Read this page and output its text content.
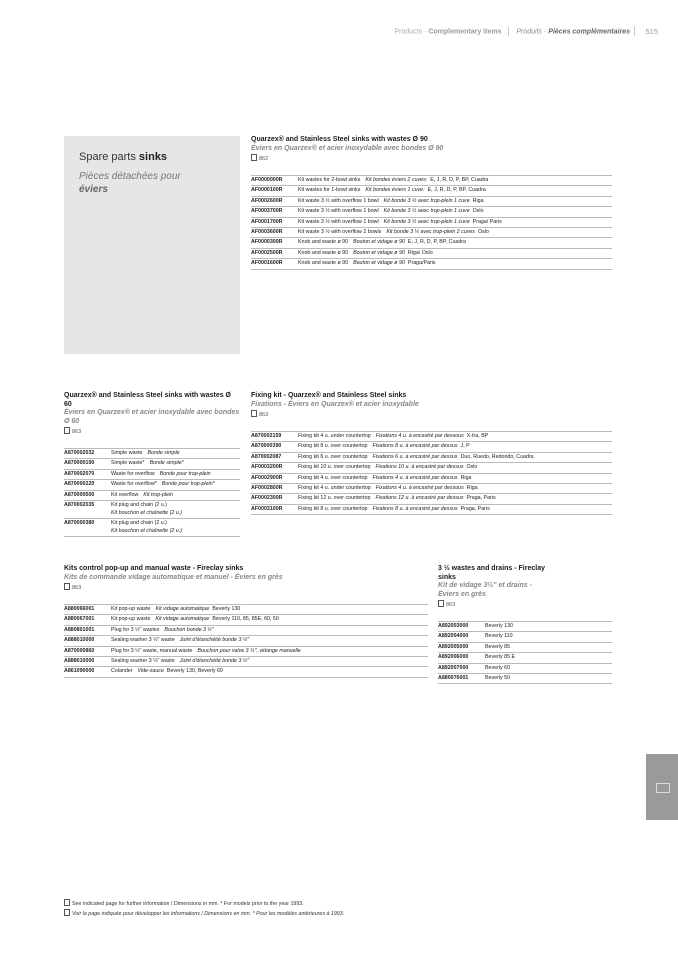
Products · Complementary items Produits · Pièces complémentaires 515
Spare parts sinks
Pièces détachées pour
éviers
Quarzex® and Stainless Steel sinks with wastes Ø 90
Éviers en Quarzex® et acier inoxydable avec bondes Ø 90
862
AF0000000R	Kit wastes for 2-bowl sinks Kit bondes éviers 2 cuves: E, J, R, D, P, BP, Cuadra
AF0000100R	Kit wastes for 1-bowl sinks Kit bondes éviers 1 cuve: E, J, R, D, P, BP, Cuadra
AF0002600R	Kit waste 3 ½ with overflow 1 bowl Kit bonde 3 ½ avec trop-plein 1 cuve Riga
AF0003700R	Kit waste 3 ½ with overflow 1 bowl Kit bonde 3 ½ avec trop-plein 1 cuve Oslo
AF0001700R	Kit waste 3 ½ with overflow 1 bowl Kit bonde 3 ½ avec trop-plein 1 cuve Praga/ Paris
AF0003600R	Kit waste 3 ½ with overflow 2 bowls Kit bonde 3 ½ avec trop-plein 2 cuves Oslo
AF0000300R	Knob and waste ø 90 Bouton et vidage ø 90 E, J, R, D, P, BP, Cuadra
AF0002500R	Knob and waste ø 90 Bouton et vidage ø 90 Riga/ Oslo
AF0001600R	Knob and waste ø 90 Bouton et vidage ø 90 Praga/Paris
Quarzex® and Stainless Steel sinks with wastes Ø 60
Éviers en Quarzex® et acier inoxydable avec bondes Ø 60
863
A870002032	Simple waste Bonde simple
A870000190	Simple waste* Bonde simple*
A870002070	Waste for overflow Bonde pour trop-plein
A870000220	Waste for overflow* Bonde pour trop-plein*
A870000500	Kit overflow Kit trop-plein
A870002035	Kit plug and chain (2 u.)
Kit bouchon et chaînette (2 u.)
A870000380	Kit plug and chain (2 u.)
Kit bouchon et chaînette (2 u.)
Fixing kit - Quarzex® and Stainless Steel sinks
Fixations - Éviers en Quarzex® et acier inoxydable
863
A870002159	Fixing kit 4 u. under countertop Fixations 4 u. à encastré par dessous X-tra, BP
A870000390	Fixing kit 8 u. over countertop Fixations 8 u. à encastré par dessus J, P
A870002087	Fixing kit 6 u. over countertop Fixations 6 u. à encastré par dessus Duo, Ruedo, Redondo, Cuadra
AF0003200R	Fixing kit 10 u. over countertop Fixations 10 u. à encastré par dessus Oslo
AF0002900R	Fixing kit 4 u. over countertop Fixations 4 u. à encastré par dessus Riga
AF0002800R	Fixing kit 4 u. under countertop Fixations 4 u. à encastré par dessous Riga
AF0002300R	Fixing kit 12 u. over countertop Fixations 12 u. à encastré par dessus Praga, Paris
AF0003100R	Fixing kit 8 u. over countertop Fixations 8 u. à encastré par dessus Praga, Paris
Kits control pop-up and manual waste - Fireclay sinks
Kits de commande vidage automatique et manuel - Éviers en grès
863
A880066001	Kit pop-up waste Kit vidage automatique Beverly 130
A880067001	Kit pop-up waste Kit vidage automatique Beverly 110, 85, 85E, 60, 50
A880801001	Plug for 3 ½" wastes Bouchon bonde 3 ½"
A888010000	Sealing washer 3 ½" waste Joint d'étanchéité bonde 3 ½"
A870000860	Plug for 3 ½" waste, manual waste Bouchon pour valve 3 ½", vidange manuelle
A888010000	Sealing washer 3 ½" waste Joint d'étanchéité bonde 3 ½"
A861090000	Colander Vide-sauce Beverly 130, Beverly 60
3 ½ wastes and drains - Fireclay sinks
Kit de vidage 3½" et drains - Éviers en grès
863
A892003000	Beverly 130
A892004000	Beverly 110
A892005000	Beverly 85
A892006000	Beverly 85 E
A892007000	Beverly 60
A880076001	Beverly 50
See indicated page for further information / Dimensions in mm. * For models prior to the year 1993.
Voir la page indiquée pour développer les informations / Dimensions en mm. * Pour les modèles antérieures à 1993.
